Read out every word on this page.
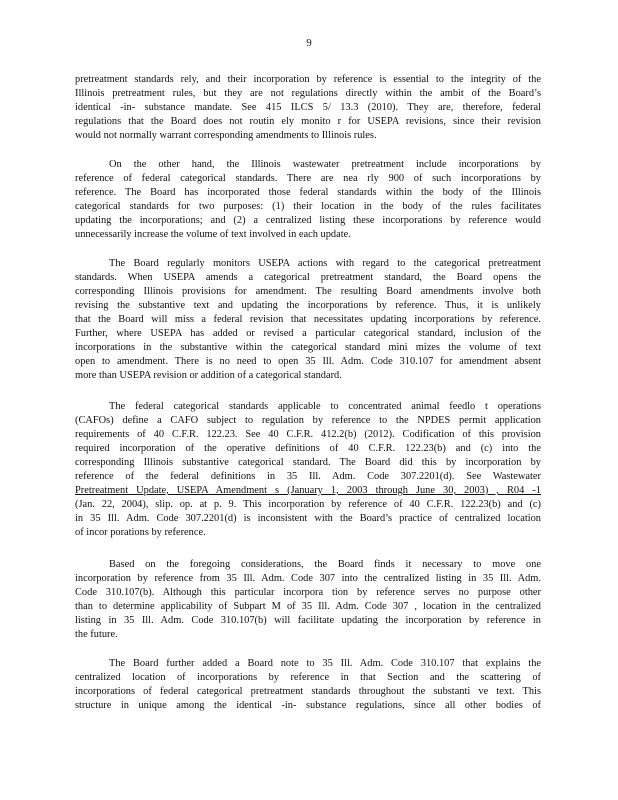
9
pretreatment standards rely, and their incorporation by reference is essential to the integrity of the
Illinois pretreatment rules, but they are not regulations directly within the ambit of the Board’s
identical -in- substance mandate. See 415 ILCS 5/ 13.3 (2010). They are, therefore, federal
regulations that the Board does not routin ely monito r for USEPA revisions, since their revision
would not normally warrant corresponding amendments to Illinois rules.
On the other hand, the Illinois wastewater pretreatment include incorporations by
reference of federal categorical standards. There are nea rly 900 of such incorporations by
reference. The Board has incorporated those federal standards within the body of the Illinois
categorical standards for two purposes: (1) their location in the body of the rules facilitates
updating the incorporations; and (2) a centralized listing these incorporations by reference would
unnecessarily increase the volume of text involved in each update.
The Board regularly monitors USEPA actions with regard to the categorical pretreatment
standards. When USEPA amends a categorical pretreatment standard, the Board opens the
corresponding Illinois provisions for amendment. The resulting Board amendments involve both
revising the substantive text and updating the incorporations by reference. Thus, it is unlikely
that the Board will miss a federal revision that necessitates updating incorporations by reference.
Further, where USEPA has added or revised a particular categorical standard, inclusion of the
incorporations in the substantive within the categorical standard mini mizes the volume of text
open to amendment. There is no need to open 35 Ill. Adm. Code 310.107 for amendment absent
more than USEPA revision or addition of a categorical standard.
The federal categorical standards applicable to concentrated animal feedlo t operations
(CAFOs) define a CAFO subject to regulation by reference to the NPDES permit application
requirements of 40 C.F.R. 122.23. See 40 C.F.R. 412.2(b) (2012). Codification of this provision
required incorporation of the operative definitions of 40 C.F.R. 122.23(b) and (c) into the
corresponding Illinois substantive categorical standard. The Board did this by incorporation by
reference of the federal definitions in 35 Ill. Adm. Code 307.2201(d). See Wastewater
Pretreatment Update, USEPA Amendment s (January 1, 2003 through June 30, 2003) , R04 -1
(Jan. 22, 2004), slip. op. at p. 9. This incorporation by reference of 40 C.F.R. 122.23(b) and (c)
in 35 Ill. Adm. Code 307.2201(d) is inconsistent with the Board’s practice of centralized location
of incor porations by reference.
Based on the foregoing considerations, the Board finds it necessary to move one
incorporation by reference from 35 Ill. Adm. Code 307 into the centralized listing in 35 Ill. Adm.
Code 310.107(b). Although this particular incorpora tion by reference serves no purpose other
than to determine applicability of Subpart M of 35 Ill. Adm. Code 307 , location in the centralized
listing in 35 Ill. Adm. Code 310.107(b) will facilitate updating the incorporation by reference in
the future.
The Board further added a Board note to 35 Ill. Adm. Code 310.107 that explains the
centralized location of incorporations by reference in that Section and the scattering of
incorporations of federal categorical pretreatment standards throughout the substanti ve text. This
structure in unique among the identical -in- substance regulations, since all other bodies of
